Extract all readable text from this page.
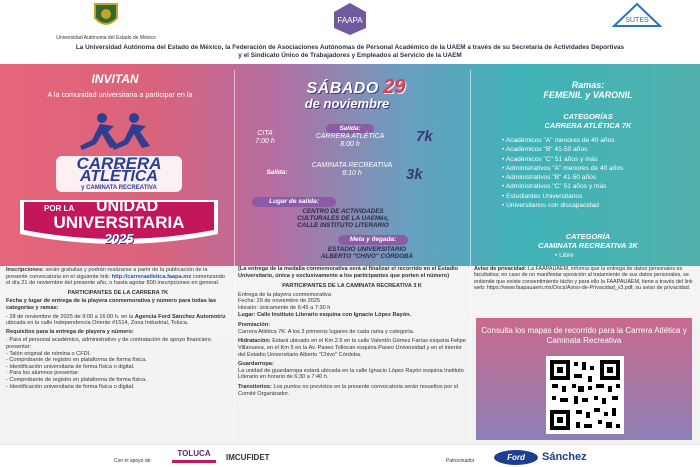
Universidad Autónoma del Estado de México
FAAPA	SUTES
La Universidad Autónoma del Estado de México, la Federación de Asociaciones Autónomas de Personal Académico de la UAEM a través de su Secretaría de Actividades Deportivas
y el Sindicato Único de Trabajadores y Empleados al Servicio de la UAEM
INVITAN
A la comunidad universitaria a participar en la
CARRERA
ATLÉTICA
y CAMINATA RECREATIVA
POR LA UNIDAD
UNIVERSITARIA
2025

Inscripciones: serán gratuitas y podrán realizarse a partir de la publicación de la presente convocatoria en el siguiente link: http://carreraatletica.faapa.mx comenzando el día 21 de noviembre del presente año, o hasta agotar 800 inscripciones en general.

PARTICIPANTES DE LA CARRERA 7K

Fecha y lugar de entrega de la playera conmemorativa y número para todas las categorías y ramas:

- 28 de noviembre de 2025 de 9:00 a 16:00 h. en la Agencia Ford Sánchez Automotriz ubicada en la calle Independencia Oriente #1514, Zona Industrial, Toluca.

Requisitos para la entrega de playera y número:

· Para el personal académico, administrativo y de contratación de apoyo financiero presentar:
- Talón original de nómina o CFDI.
- Comprobante de registro en plataforma de forma física.
- Identificación universitaria de forma física o digital.
· Para los alumnos presentar:
- Comprobante de registro en plataforma de forma física.
- Identificación universitaria de forma física o digital.
SÁBADO 29
de noviembre
Salida:
CITA
7:00 h
CARRERA ATLÉTICA
8:00 h	7k
Salida:
CAMINATA RECREATIVA
8:10 h	3k
Lugar de salida:
CENTRO DE ACTIVIDADES
CULTURALES DE LA UAEMéx,
CALLE INSTITUTO LITERARIO
Meta y llegada:
ESTADIO UNIVERSITARIO
ALBERTO "CHIVO" CÓRDOBA

(La entrega de la medalla conmemorativa será al finalizar el recorrido en el Estadio Universitario, única y exclusivamente a los participantes que porten el número)

PARTICIPANTES DE LA CAMINATA RECREATIVA 3 K

Entrega de la playera conmemorativa
Fecha: 29 de noviembre de 2025
Horario: únicamente de 6:45 a 7:30 h

Lugar: Calle Instituto Literario esquina con Ignacio López Rayón.

Premiación:
Carrera Atlética 7K: A los 3 primeros lugares de cada rama y categoría.

Hidratación: Estará ubicado en el Km 2.5 en la calle Valentín Gómez Farías esquina Felipe Villanueva, en el Km 5 en la Av. Paseo Tollocan esquina Paseo Universidad y en el interior del Estadio Universitario Alberto "Chivo" Córdoba.

Guardarropa:
La unidad de guardarropa estará ubicada en la calle Ignacio López Rayón esquina Instituto Literario en horario de 6:30 a 7:40 h.

Transitorios: Los puntos no previstos en la presente convocatoria serán resueltos por el Comité Organizador.

Ramas:
FEMENIL y VARONIL
CATEGORÍAS
CARRERA ATLÉTICA 7K
• Académicos "A" menores de 40 años
• Académicos "B" 41-50 años
• Académicos "C" 51 años y más
• Administrativos "A" menores de 40 años
• Administrativos "B" 41-50 años
• Administrativos "C" 51 años y más
• Estudiantes Universitarios
• Universitarios con discapacidad
CATEGORÍA
CAMINATA RECREATIVA 3K
• Libre
Aviso de privacidad: La FAAPAUAEM, informa que la entrega de datos personales es facultativa; en caso de no manifestar oposición al tratamiento de sus datos personales, se entiende que existe consentimiento tácito y para ello la FAAPAUAEM, tiene a través del link web: https://www.faapauaem.mx/Docs/Aviso-de-Privacidad_v3.pdf, su aviso de privacidad.
Consulta los mapas de recorrido para la Carrera Atlética y Caminata Recreativa
Con el apoyo de:
TOLUCA	IMCUFIDET	Patrocinador	Ford	Sánchez
